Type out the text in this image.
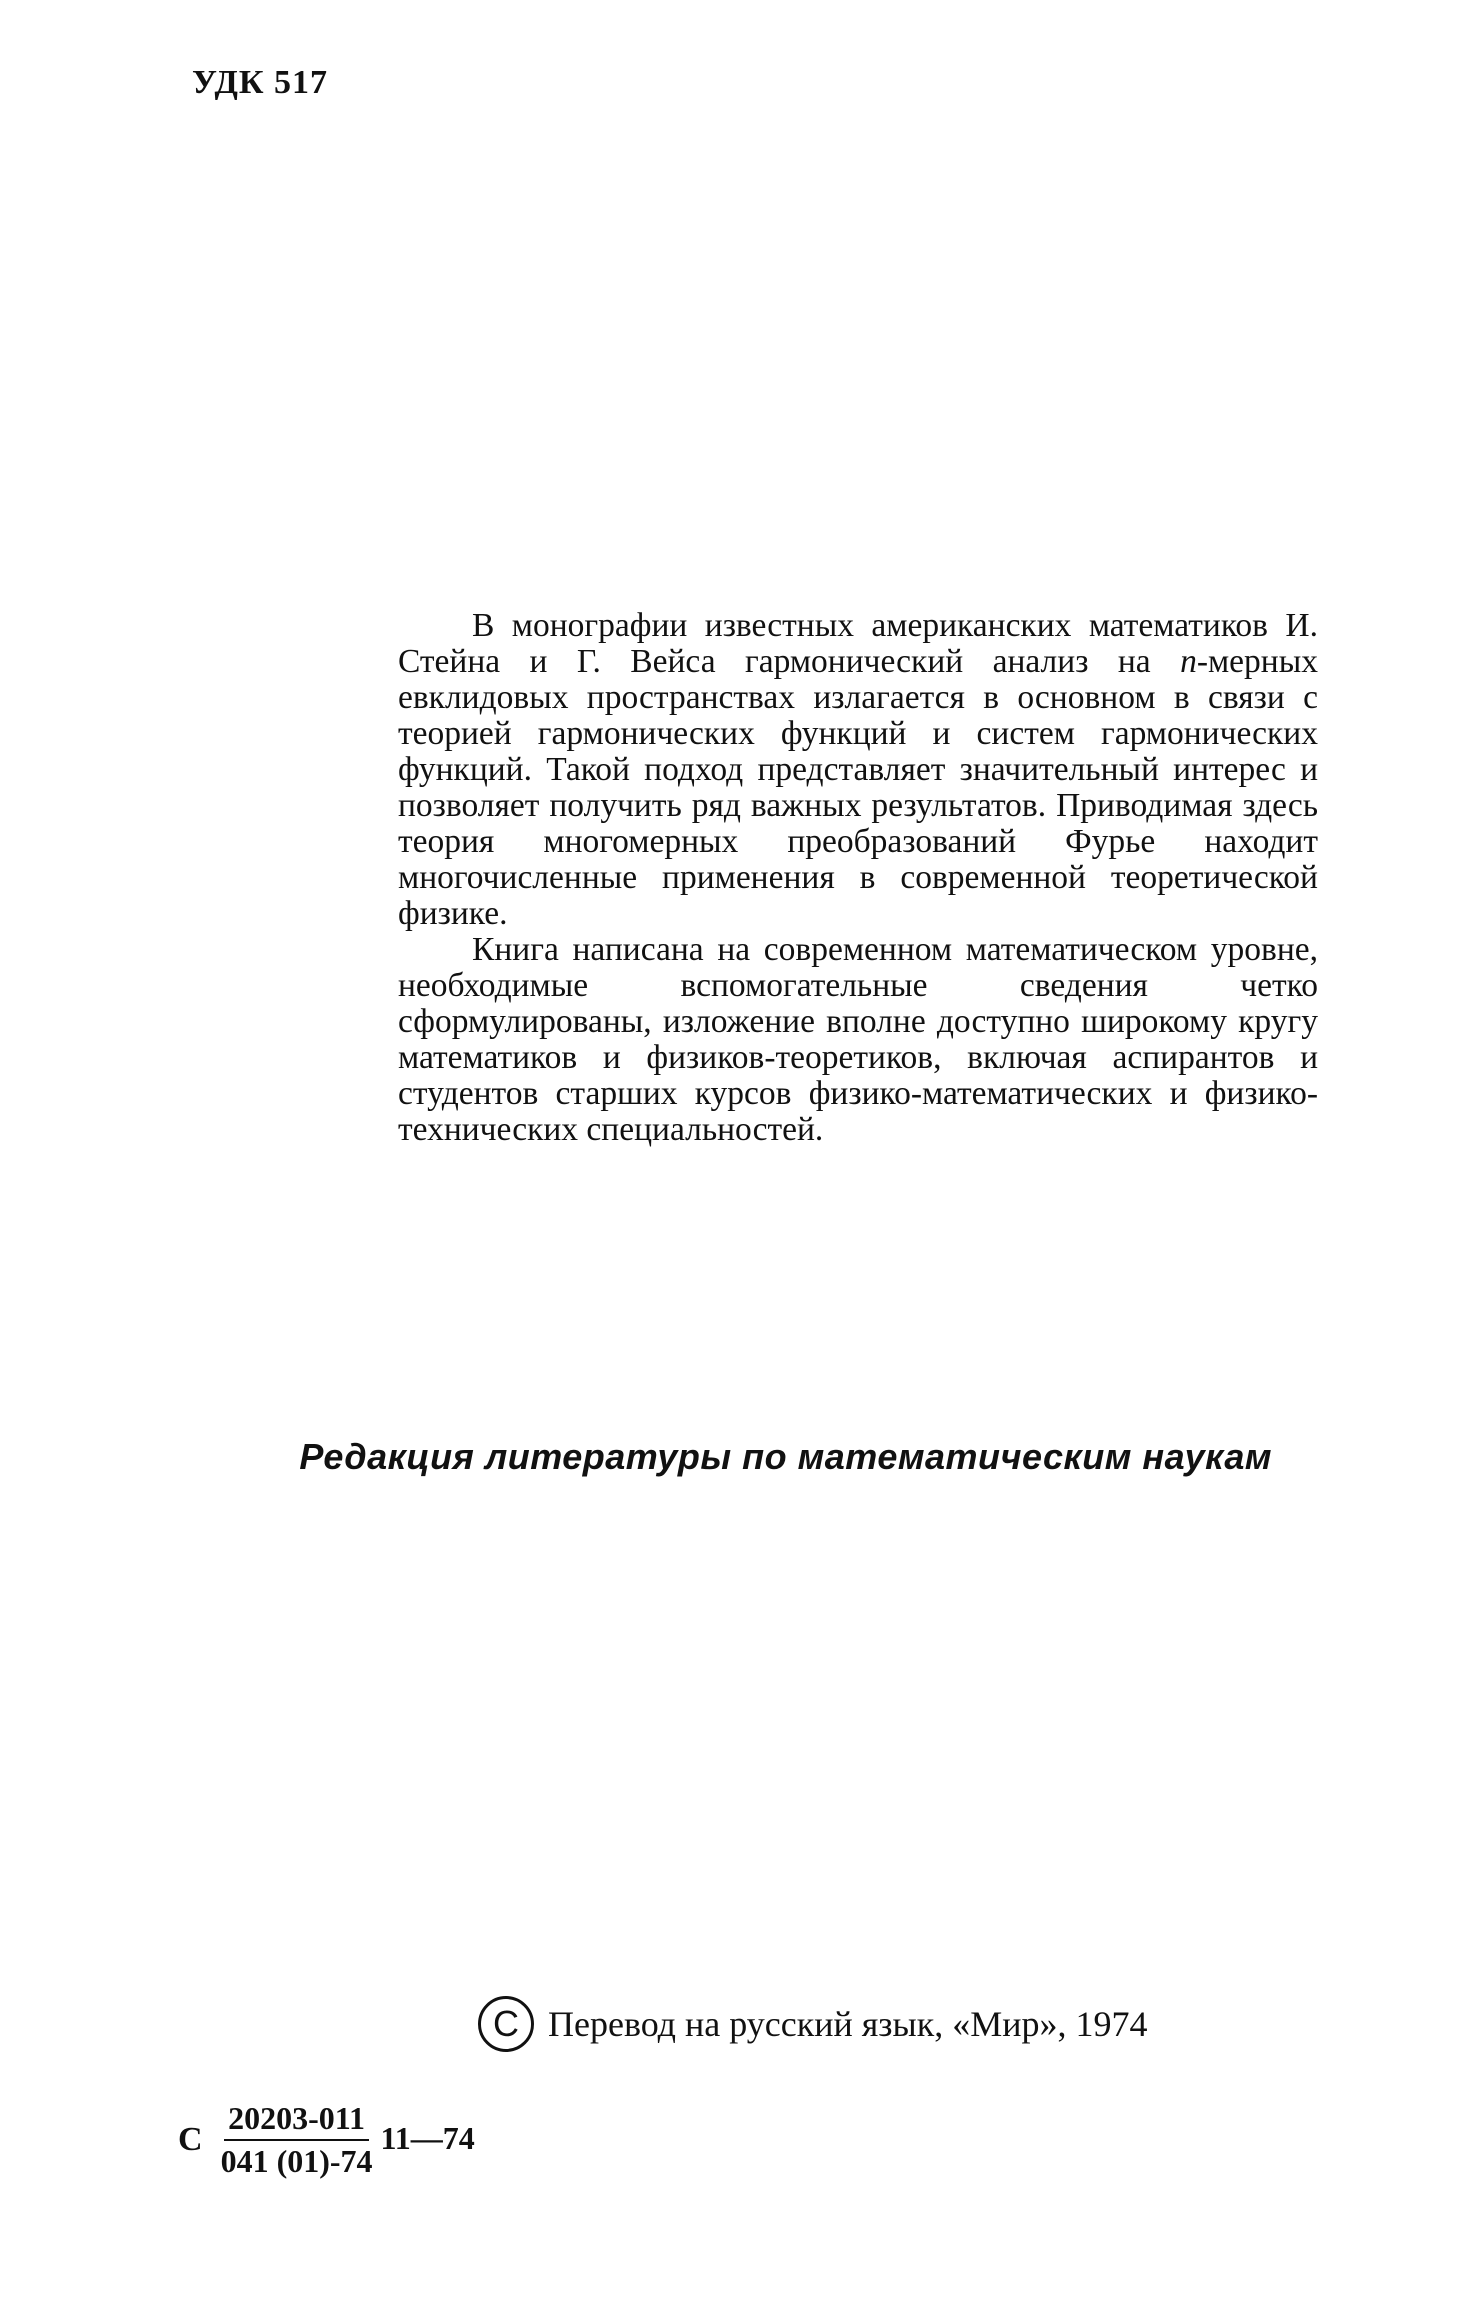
УДК 517

В монографии известных американских математиков И. Стейна и Г. Вейса гармонический анализ на n-мерных евклидовых пространствах излагается в основном в связи с теорией гармонических функций и систем гармонических функций. Такой подход представляет значительный интерес и позволяет получить ряд важных результатов. Приводимая здесь теория многомерных преобразований Фурье находит многочисленные применения в современной теоретической физике.

Книга написана на современном математическом уровне, необходимые вспомогательные сведения четко сформулированы, изложение вполне доступно широкому кругу математиков и физиков-теоретиков, включая аспирантов и студентов старших курсов физико-математических и физико-технических специальностей.

Редакция литературы по математическим наукам
C Перевод на русский язык, «Мир», 1974
С $\frac{20203-011}{041 (01)-74}$ 11—74
